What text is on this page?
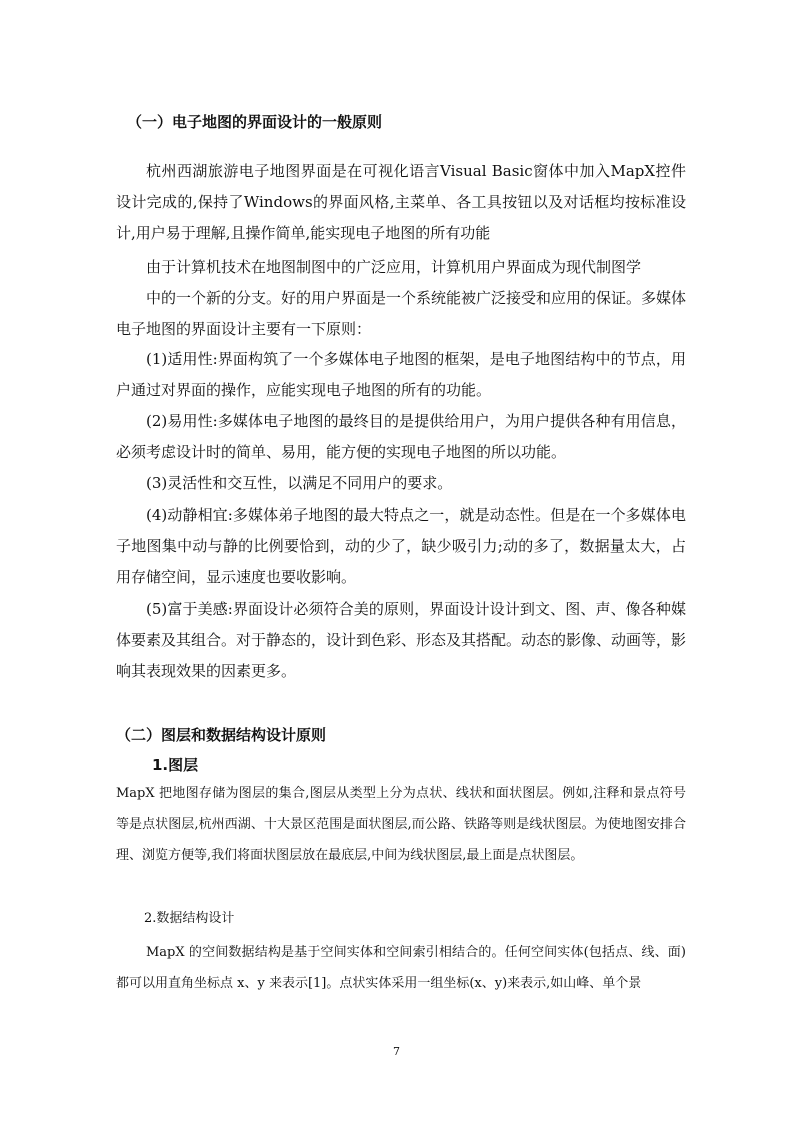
（一）电子地图的界面设计的一般原则
杭州西湖旅游电子地图界面是在可视化语言Visual Basic窗体中加入MapX控件设计完成的,保持了Windows的界面风格,主菜单、各工具按钮以及对话框均按标准设计,用户易于理解,且操作简单,能实现电子地图的所有功能
由于计算机技术在地图制图中的广泛应用，计算机用户界面成为现代制图学
中的一个新的分支。好的用户界面是一个系统能被广泛接受和应用的保证。多媒体电子地图的界面设计主要有一下原则：
(1)适用性:界面构筑了一个多媒体电子地图的框架，是电子地图结构中的节点，用户通过对界面的操作，应能实现电子地图的所有的功能。
(2)易用性:多媒体电子地图的最终目的是提供给用户，为用户提供各种有用信息，必须考虑设计时的简单、易用，能方便的实现电子地图的所以功能。
(3)灵活性和交互性，以满足不同用户的要求。
(4)动静相宜:多媒体弟子地图的最大特点之一，就是动态性。但是在一个多媒体电子地图集中动与静的比例要恰到，动的少了，缺少吸引力;动的多了，数据量太大，占用存储空间，显示速度也要收影响。
(5)富于美感:界面设计必须符合美的原则，界面设计设计到文、图、声、像各种媒体要素及其组合。对于静态的，设计到色彩、形态及其搭配。动态的影像、动画等，影响其表现效果的因素更多。
（二）图层和数据结构设计原则
1.图层
MapX 把地图存储为图层的集合,图层从类型上分为点状、线状和面状图层。例如,注释和景点符号等是点状图层,杭州西湖、十大景区范围是面状图层,而公路、铁路等则是线状图层。为使地图安排合理、浏览方便等,我们将面状图层放在最底层,中间为线状图层,最上面是点状图层。
2.数据结构设计
MapX 的空间数据结构是基于空间实体和空间索引相结合的。任何空间实体(包括点、线、面)都可以用直角坐标点 x、y 来表示[1]。点状实体采用一组坐标(x、y)来表示,如山峰、单个景
7
